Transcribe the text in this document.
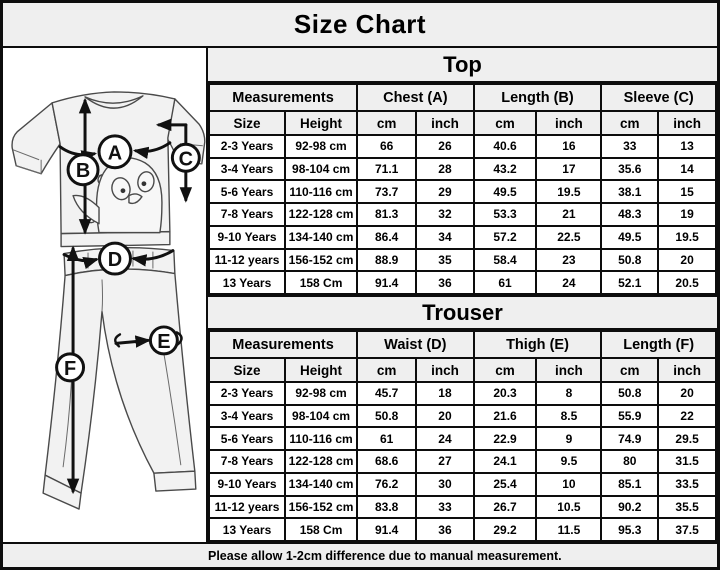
Size Chart
A
B
C
D
E
F
Top
Measurements		Chest (A)		Length (B)		Sleeve (C)	
Size	Height	cm	inch	cm	inch	cm	inch
2-3 Years	92-98 cm	66	26	40.6	16	33	13
3-4 Years	98-104 cm	71.1	28	43.2	17	35.6	14
5-6 Years	110-116 cm	73.7	29	49.5	19.5	38.1	15
7-8 Years	122-128 cm	81.3	32	53.3	21	48.3	19
9-10 Years	134-140 cm	86.4	34	57.2	22.5	49.5	19.5
11-12 years	156-152 cm	88.9	35	58.4	23	50.8	20
13 Years	158 Cm	91.4	36	61	24	52.1	20.5
Trouser
Measurements		Waist (D)		Thigh (E)		Length (F)	
Size	Height	cm	inch	cm	inch	cm	inch
2-3 Years	92-98 cm	45.7	18	20.3	8	50.8	20
3-4 Years	98-104 cm	50.8	20	21.6	8.5	55.9	22
5-6 Years	110-116 cm	61	24	22.9	9	74.9	29.5
7-8 Years	122-128 cm	68.6	27	24.1	9.5	80	31.5
9-10 Years	134-140 cm	76.2	30	25.4	10	85.1	33.5
11-12 years	156-152 cm	83.8	33	26.7	10.5	90.2	35.5
13 Years	158 Cm	91.4	36	29.2	11.5	95.3	37.5
Please allow 1-2cm difference due to manual measurement.
